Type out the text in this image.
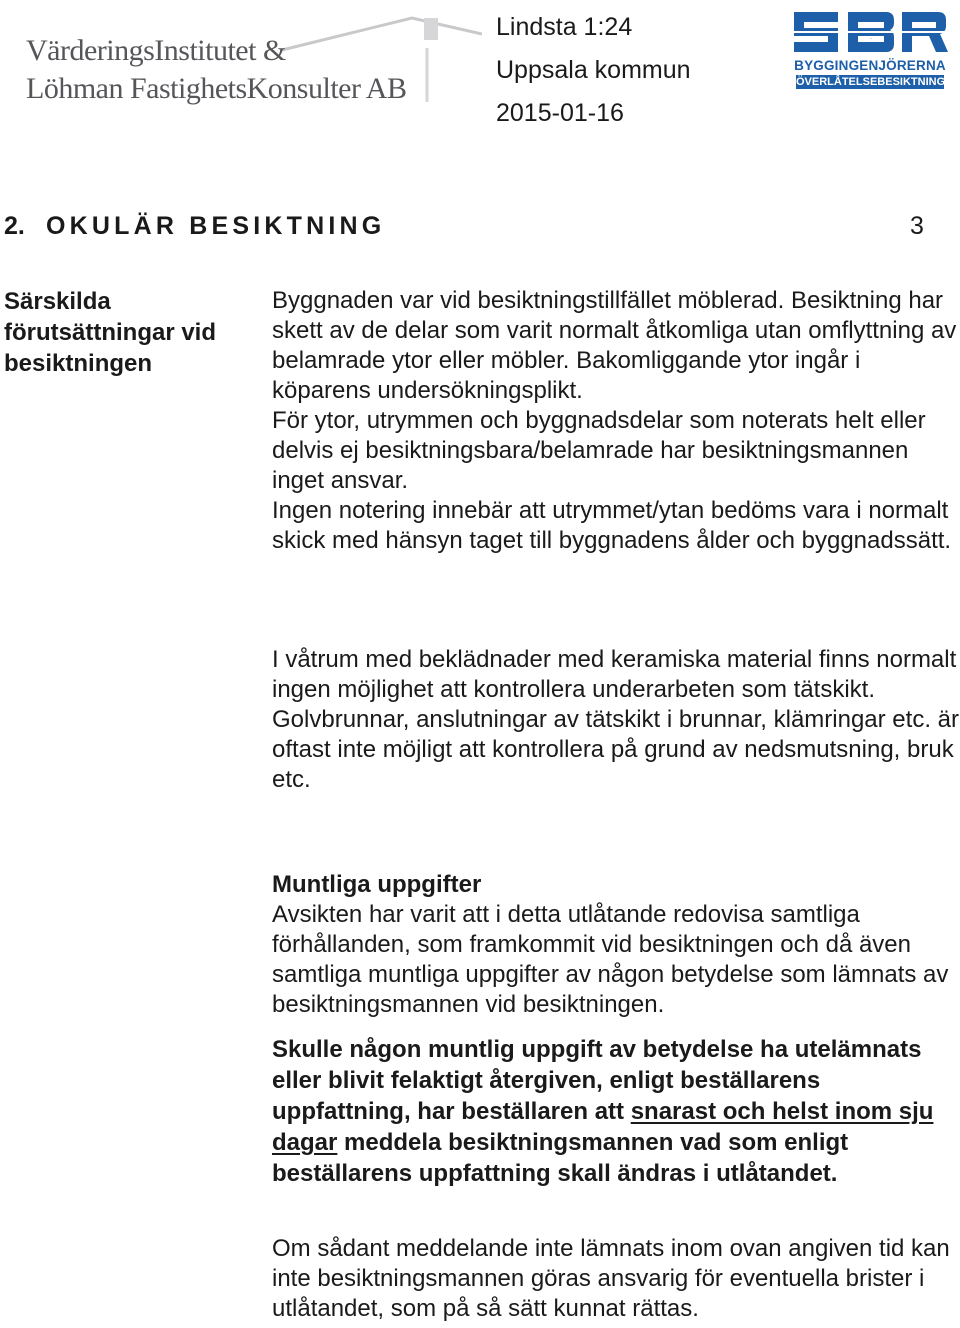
VärderingsInstitutet &
Löhman FastighetsKonsulter AB
Lindsta 1:24
Uppsala kommun
2015-01-16
SBR
BYGGINGENJÖRERNA
ÖVERLÅTELSEBESIKTNING
2. OKULÄR BESIKTNING	3
Särskilda förutsättningar vid besiktningen
Byggnaden var vid besiktningstillfället möblerad. Besiktning har skett av de delar som varit normalt åtkomliga utan omflyttning av belamrade ytor eller möbler. Bakomliggande ytor ingår i köparens undersökningsplikt.
För ytor, utrymmen och byggnadsdelar som noterats helt eller delvis ej besiktningsbara/belamrade har besiktningsmannen inget ansvar.
Ingen notering innebär att utrymmet/ytan bedöms vara i normalt skick med hänsyn taget till byggnadens ålder och byggnadssätt.
I våtrum med beklädnader med keramiska material finns normalt ingen möjlighet att kontrollera underarbeten som tätskikt. Golvbrunnar, anslutningar av tätskikt i brunnar, klämringar etc. är oftast inte möjligt att kontrollera på grund av nedsmutsning, bruk etc.
Muntliga uppgifter
Avsikten har varit att i detta utlåtande redovisa samtliga förhållanden, som framkommit vid besiktningen och då även samtliga muntliga uppgifter av någon betydelse som lämnats av besiktningsmannen vid besiktningen.
Skulle någon muntlig uppgift av betydelse ha utelämnats eller blivit felaktigt återgiven, enligt beställarens uppfattning, har beställaren att snarast och helst inom sju dagar meddela besiktningsmannen vad som enligt beställarens uppfattning skall ändras i utlåtandet.
Om sådant meddelande inte lämnats inom ovan angiven tid kan inte besiktningsmannen göras ansvarig för eventuella brister i utlåtandet, som på så sätt kunnat rättas.
